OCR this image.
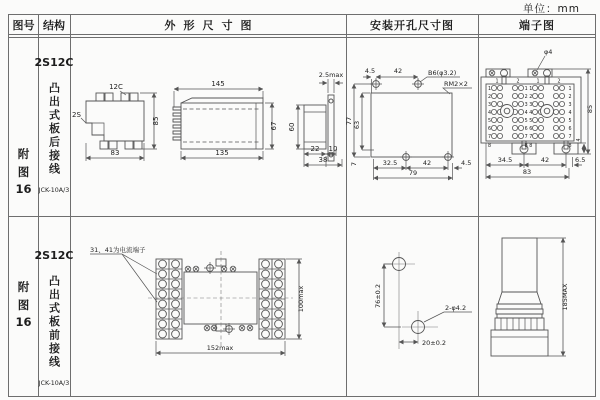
单位：mm
图号 结构	外形尺寸图	安装开孔尺寸图	端子图
附
图
16
2S12C
凸出式板后接线
JCK-10A/3
12C
2S
83
85
145
135
67 60
2.5max
22 10
38
4.5	42	B6(φ3.2)
RM2×2
77 63
7	32.5	42	4.5
79
1	2	1	2
1
2
3
4
5
6
7
1
2
3
4
5
6
7
1
2
3
4
5
6
7
1
2
3
4
5
6
7
8	8 8	8
φ4
85
4
34.5	42	6.5
83
附
图
16
2S12C
凸出式板前接线
JCK-10A/3
31、41为电流端子
100max
152max
76±0.2
20±0.2
2-φ4.2	185MAX
